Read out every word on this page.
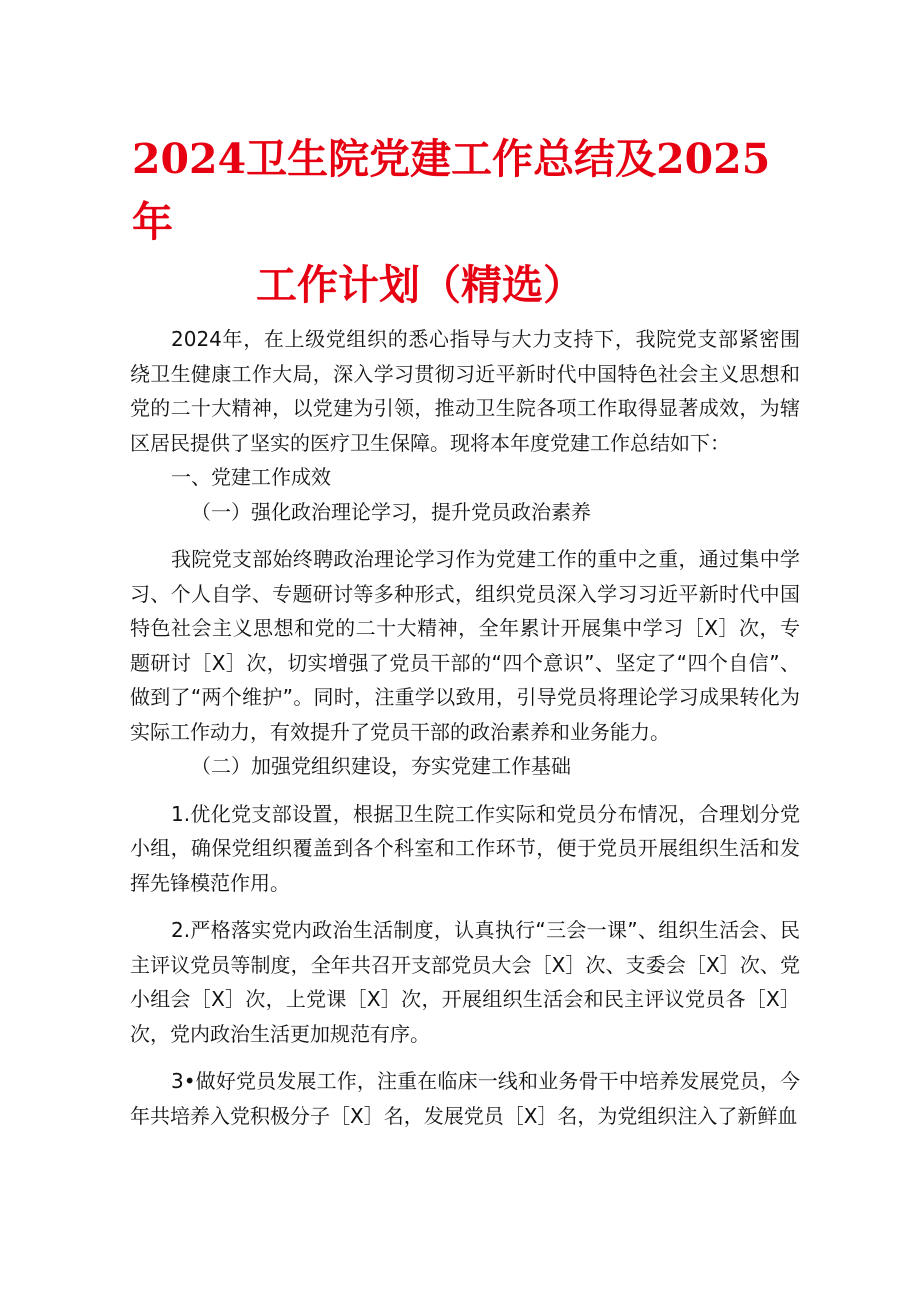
2024卫生院党建工作总结及2025年
工作计划（精选）

2024年，在上级党组织的悉心指导与大力支持下，我院党支部紧密围绕卫生健康工作大局，深入学习贯彻习近平新时代中国特色社会主义思想和党的二十大精神，以党建为引领，推动卫生院各项工作取得显著成效，为辖区居民提供了坚实的医疗卫生保障。现将本年度党建工作总结如下：

一、党建工作成效

（一）强化政治理论学习，提升党员政治素养

我院党支部始终聘政治理论学习作为党建工作的重中之重，通过集中学习、个人自学、专题研讨等多种形式，组织党员深入学习习近平新时代中国特色社会主义思想和党的二十大精神，全年累计开展集中学习［X］次，专题研讨［X］次，切实增强了党员干部的“四个意识”、坚定了“四个自信”、做到了“两个维护”。同时，注重学以致用，引导党员将理论学习成果转化为实际工作动力，有效提升了党员干部的政治素养和业务能力。

（二）加强党组织建设，夯实党建工作基础

1.优化党支部设置，根据卫生院工作实际和党员分布情况，合理划分党小组，确保党组织覆盖到各个科室和工作环节，便于党员开展组织生活和发挥先锋模范作用。

2.严格落实党内政治生活制度，认真执行“三会一课”、组织生活会、民主评议党员等制度，全年共召开支部党员大会［X］次、支委会［X］次、党小组会［X］次，上党课［X］次，开展组织生活会和民主评议党员各［X］次，党内政治生活更加规范有序。

3•做好党员发展工作，注重在临床一线和业务骨干中培养发展党员，今年共培养入党积极分子［X］名，发展党员［X］名，为党组织注入了新鲜血
